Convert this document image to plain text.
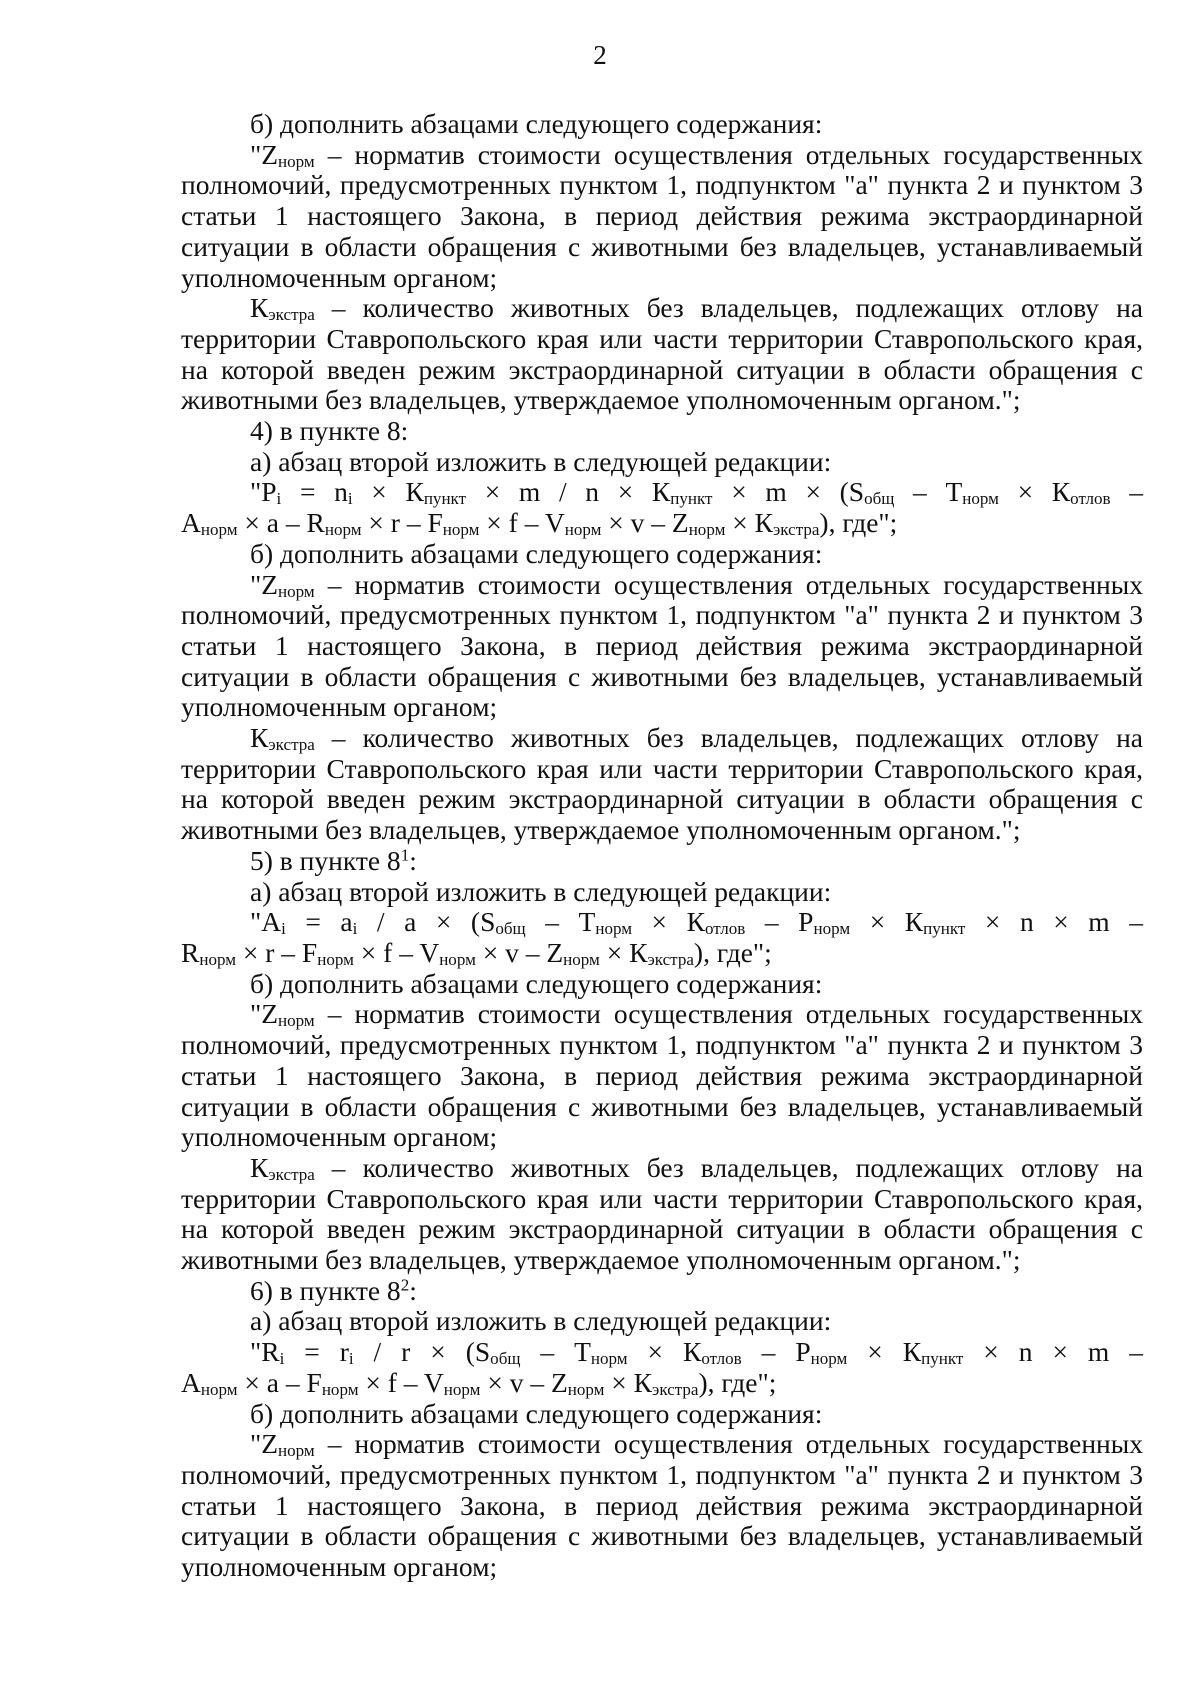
2

б) дополнить абзацами следующего содержания:

"$Z_{норм}$ – норматив стоимости осуществления отдельных государственных полномочий, предусмотренных пунктом 1, подпунктом "а" пункта 2 и пунктом 3 статьи 1 настоящего Закона, в период действия режима экстраординарной ситуации в области обращения с животными без владельцев, устанавливаемый уполномоченным органом;

$К_{экстра}$ – количество животных без владельцев, подлежащих отлову на территории Ставропольского края или части территории Ставропольского края, на которой введен режим экстраординарной ситуации в области обращения с животными без владельцев, утверждаемое уполномоченным органом.";

4) в пункте 8:

а) абзац второй изложить в следующей редакции:

"$P_i = n_i \times К_{пункт} \times m / n \times К_{пункт} \times m \times (S_{общ} - Т_{норм} \times К_{отлов}$ –

$A_{норм} \times a - R_{норм} \times r - F_{норм} \times f - V_{норм} \times v - Z_{норм} \times К_{экстра}$), где";

б) дополнить абзацами следующего содержания:

"$Z_{норм}$ – норматив стоимости осуществления отдельных государственных полномочий, предусмотренных пунктом 1, подпунктом "а" пункта 2 и пунктом 3 статьи 1 настоящего Закона, в период действия режима экстраординарной ситуации в области обращения с животными без владельцев, устанавливаемый уполномоченным органом;

$К_{экстра}$ – количество животных без владельцев, подлежащих отлову на территории Ставропольского края или части территории Ставропольского края, на которой введен режим экстраординарной ситуации в области обращения с животными без владельцев, утверждаемое уполномоченным органом.";

5) в пункте $8^1$:

а) абзац второй изложить в следующей редакции:

"$A_i = a_i / a \times (S_{общ} - Т_{норм} \times К_{отлов} - P_{норм} \times К_{пункт} \times n \times m$ –

$R_{норм} \times r - F_{норм} \times f - V_{норм} \times v - Z_{норм} \times К_{экстра}$), где";

б) дополнить абзацами следующего содержания:

"$Z_{норм}$ – норматив стоимости осуществления отдельных государственных полномочий, предусмотренных пунктом 1, подпунктом "а" пункта 2 и пунктом 3 статьи 1 настоящего Закона, в период действия режима экстраординарной ситуации в области обращения с животными без владельцев, устанавливаемый уполномоченным органом;

$К_{экстра}$ – количество животных без владельцев, подлежащих отлову на территории Ставропольского края или части территории Ставропольского края, на которой введен режим экстраординарной ситуации в области обращения с животными без владельцев, утверждаемое уполномоченным органом.";

6) в пункте $8^2$:

а) абзац второй изложить в следующей редакции:

"$R_i = r_i / r \times (S_{общ} - Т_{норм} \times К_{отлов} - P_{норм} \times К_{пункт} \times n \times m$ –

$A_{норм} \times a - F_{норм} \times f - V_{норм} \times v - Z_{норм} \times К_{экстра}$), где";

б) дополнить абзацами следующего содержания:

"$Z_{норм}$ – норматив стоимости осуществления отдельных государственных полномочий, предусмотренных пунктом 1, подпунктом "а" пункта 2 и пунктом 3 статьи 1 настоящего Закона, в период действия режима экстраординарной ситуации в области обращения с животными без владельцев, устанавливаемый уполномоченным органом;
